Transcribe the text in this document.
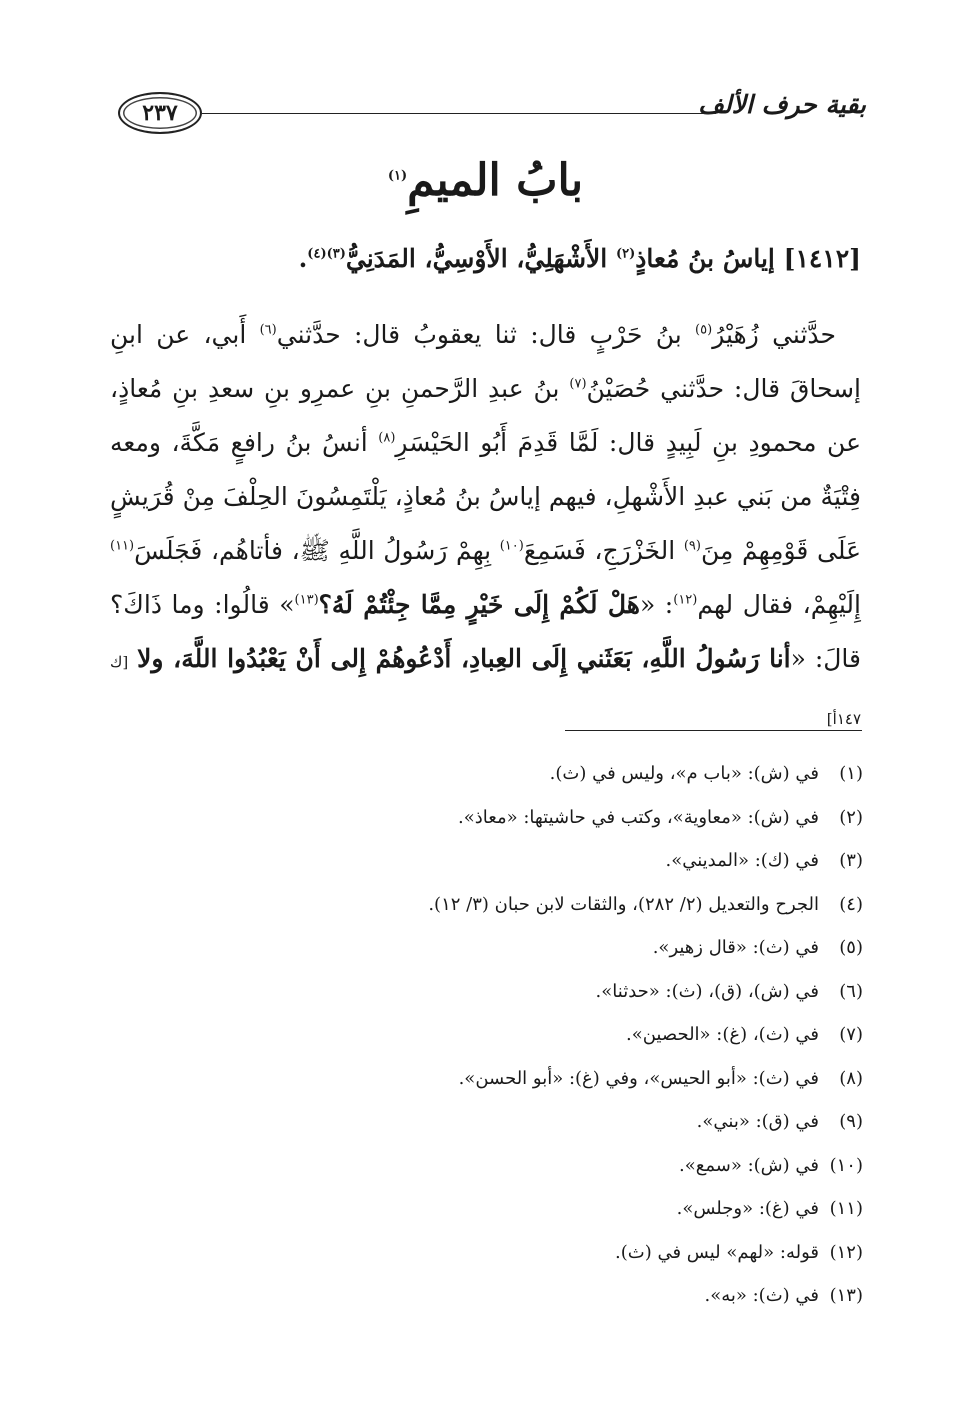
بقية حرف الألف
٢٣٧
بابُ الميمِ$^{(١)}$
[١٤١٢] إياسُ بنُ مُعاذٍ$^{(٢)}$ الأَشْهَلِيُّ، الأَوْسِيُّ، المَدَنِيُّ$^{(٣)(٤)}$.

 حدَّثني زُهَيْرُ$^{(٥)}$ بنُ حَرْبٍ قال: ثنا يعقوبُ قال: حدَّثني$^{(٦)}$ أَبي، عن ابنِ إسحاقَ قال: حدَّثني حُصَيْنُ$^{(٧)}$ بنُ عبدِ الرَّحمنِ بنِ عمرِو بنِ سعدِ بنِ مُعاذٍ، عن محمودِ بنِ لَبِيدٍ قال: لَمَّا قَدِمَ أَبُو الحَيْسَرِ$^{(٨)}$ أنسُ بنُ رافعٍ مَكَّةَ، ومعه فِتْيَةٌ من بَني عبدِ الأَشْهلِ، فيهم إياسُ بنُ مُعاذٍ، يَلْتَمِسُونَ الحِلْفَ مِنْ قُرَيشٍ عَلَى قَوْمِهِمْ مِنَ$^{(٩)}$ الخَزْرَجِ، فَسَمِعَ$^{(١٠)}$ بِهِمْ رَسُولُ اللَّهِ ﷺ، فأتاهُم، فَجَلَسَ$^{(١١)}$ إِلَيْهِمْ، فقال لهم$^{(١٢)}$: «هَلْ لَكُمْ إِلَى خَيْرٍ مِمَّا جِئْتُمْ لَهُ؟$^{(١٣)}$» قالُوا: وما ذَاكَ؟ قالَ: «أنا رَسُولُ اللَّهِ، بَعَثَني إِلَى العِبادِ، أَدْعُوهُمْ إِلى أَنْ يَعْبُدُوا اللَّهَ، ولا [ك ١٤٧أ]

(١)في (ش): «باب م»، وليس في (ث).
(٢)في (ش): «معاوية»، وكتب في حاشيتها: «معاذ».
(٣)في (ك): «المديني».
(٤)الجرح والتعديل (٢/ ٢٨٢)، والثقات لابن حبان (٣/ ١٢).
(٥)في (ث): «قال زهير».
(٦)في (ش)، (ق)، (ث): «حدثنا».
(٧)في (ث)، (غ): «الحصين».
(٨)في (ث): «أبو الحيس»، وفي (غ): «أبو الحسن».
(٩)في (ق): «بني».
(١٠)في (ش): «سمع».
(١١)في (غ): «وجلس».
(١٢)قوله: «لهم» ليس في (ث).
(١٣)في (ث): «به».
